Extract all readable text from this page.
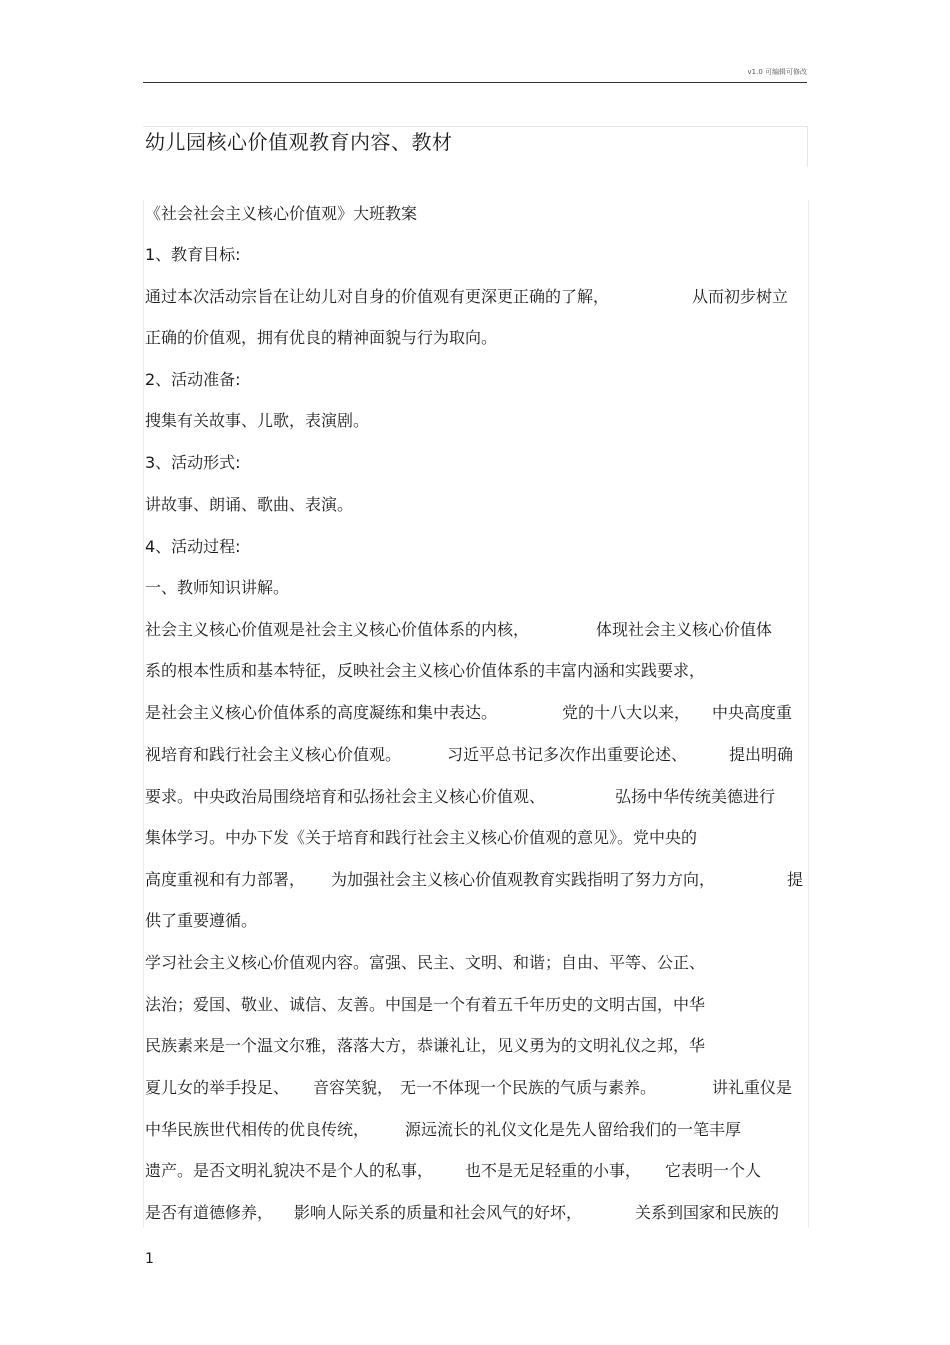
v1.0 可编辑可修改
幼儿园核心价值观教育内容、教材
《社会社会主义核心价值观》大班教案
1、教育目标:
通过本次活动宗旨在让幼儿对自身的价值观有更深更正确的了解，	从而初步树立
正确的价值观，拥有优良的精神面貌与行为取向。
2、活动准备:
搜集有关故事、儿歌，表演剧。
3、活动形式:
讲故事、朗诵、歌曲、表演。
4、活动过程:
一、教师知识讲解。
社会主义核心价值观是社会主义核心价值体系的内核，	体现社会主义核心价值体
系的根本性质和基本特征，反映社会主义核心价值体系的丰富内涵和实践要求，
是社会主义核心价值体系的高度凝练和集中表达。	党的十八大以来， 中央高度重
视培育和践行社会主义核心价值观。	习近平总书记多次作出重要论述、	提出明确
要求。中央政治局围绕培育和弘扬社会主义核心价值观、	弘扬中华传统美德进行
集体学习。中办下发《关于培育和践行社会主义核心价值观的意见》。党中央的
高度重视和有力部署， 为加强社会主义核心价值观教育实践指明了努力方向，	提
供了重要遵循。
学习社会主义核心价值观内容。富强、民主、文明、和谐；自由、平等、公正、
法治；爱国、敬业、诚信、友善。中国是一个有着五千年历史的文明古国，中华
民族素来是一个温文尔雅，落落大方，恭谦礼让，见义勇为的文明礼仪之邦，华
夏儿女的举手投足、 音容笑貌， 无一不体现一个民族的气质与素养。	讲礼重仪是
中华民族世代相传的优良传统， 源远流长的礼仪文化是先人留给我们的一笔丰厚
遗产。是否文明礼貌决不是个人的私事， 也不是无足轻重的小事， 它表明一个人
是否有道德修养， 影响人际关系的质量和社会风气的好坏，	关系到国家和民族的
1
